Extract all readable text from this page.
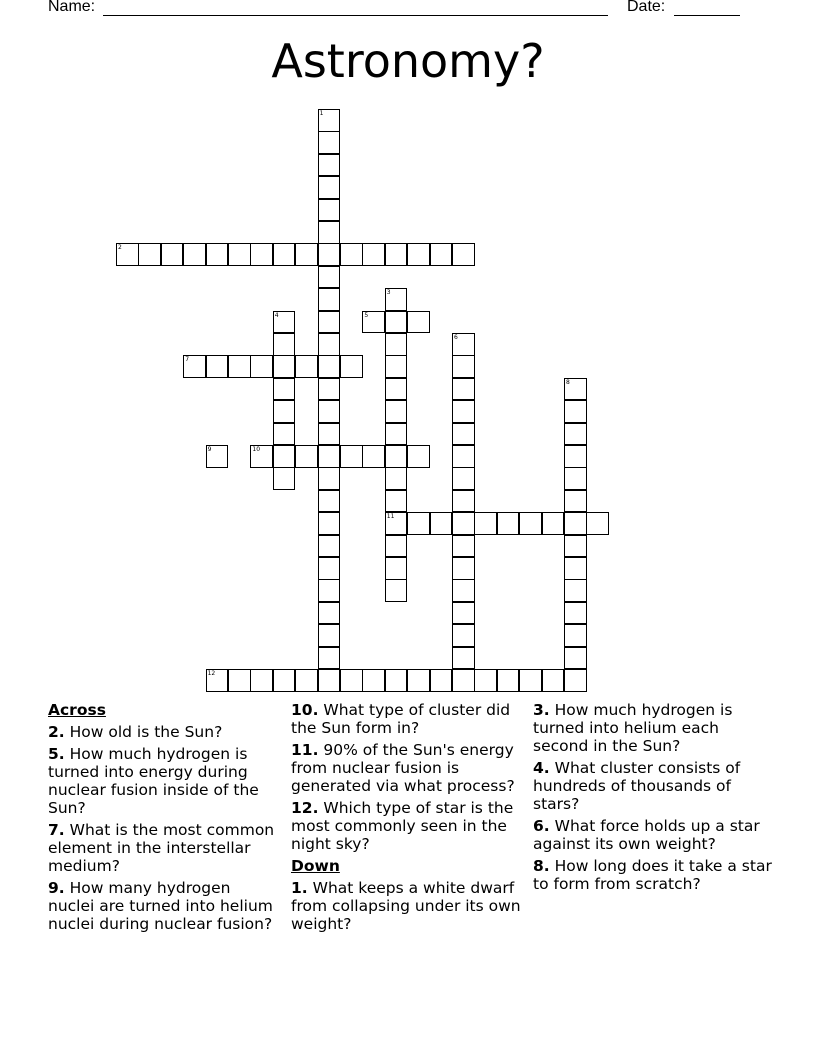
Name:	Date:
Astronomy?
1
2
3
11
4	5
6
7
8
9	10
12
Across
2. How old is the Sun?
5. How much hydrogen is turned into energy during nuclear fusion inside of the Sun?
7. What is the most common element in the interstellar medium?
9. How many hydrogen nuclei are turned into helium nuclei during nuclear fusion?
10. What type of cluster did the Sun form in?
11. 90% of the Sun's energy from nuclear fusion is generated via what process?
12. Which type of star is the most commonly seen in the night sky?
Down
1. What keeps a white dwarf from collapsing under its own weight?
3. How much hydrogen is turned into helium each second in the Sun?
4. What cluster consists of hundreds of thousands of stars?
6. What force holds up a star against its own weight?
8. How long does it take a star to form from scratch?
